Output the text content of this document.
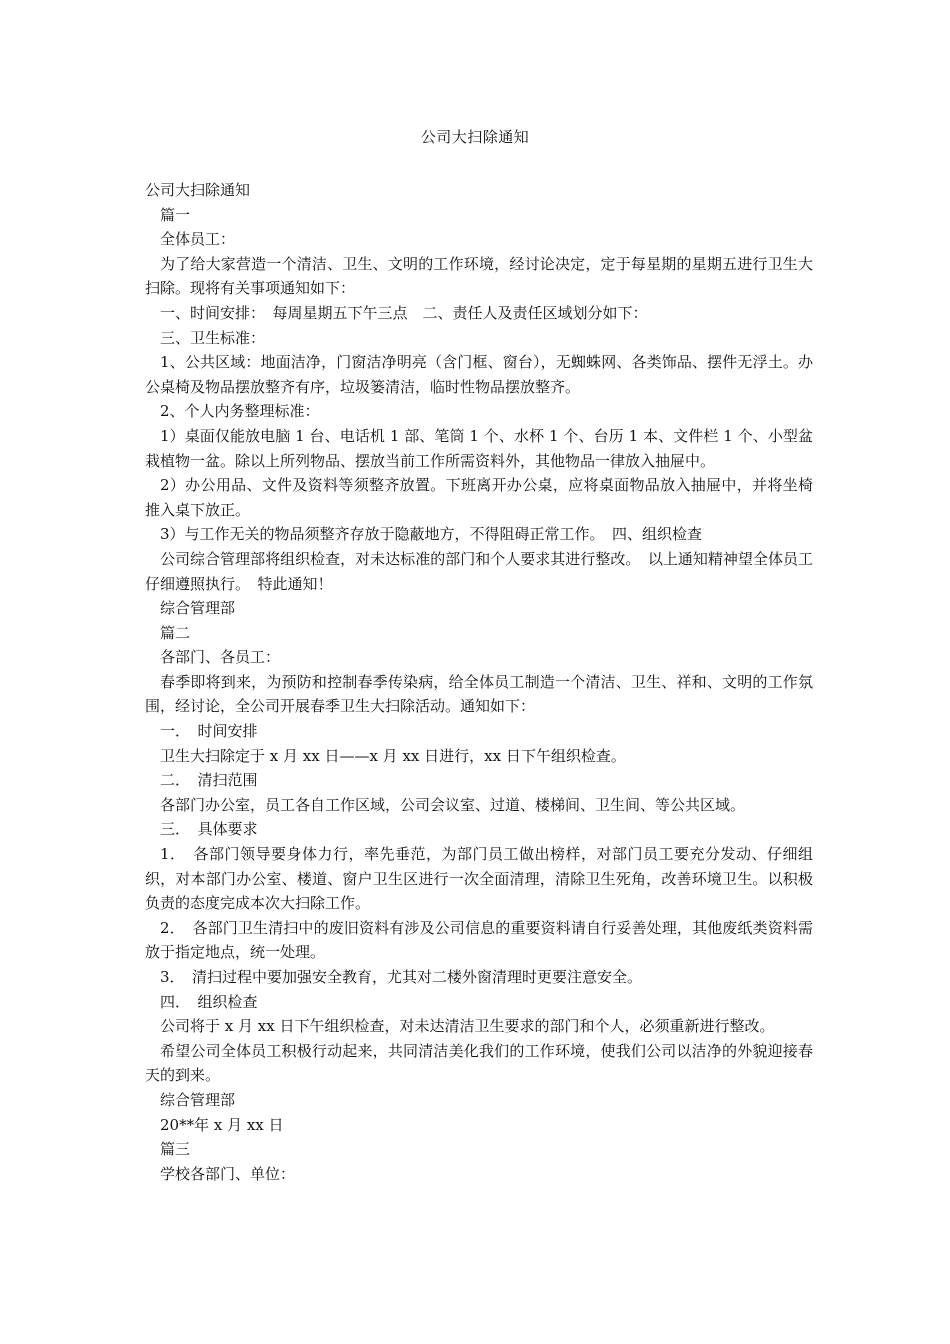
公司大扫除通知

公司大扫除通知

篇一

全体员工：

为了给大家营造一个清洁、卫生、文明的工作环境，经讨论决定，定于每星期的星期五进行卫生大扫除。现将有关事项通知如下：

一、时间安排：　每周星期五下午三点　二、责任人及责任区域划分如下：

三、卫生标准：

1、公共区域：地面洁净，门窗洁净明亮（含门框、窗台），无蜘蛛网、各类饰品、摆件无浮土。办公桌椅及物品摆放整齐有序，垃圾篓清洁，临时性物品摆放整齐。

2、个人内务整理标准：

1）桌面仅能放电脑 1 台、电话机 1 部、笔筒 1 个、水杯 1 个、台历 1 本、文件栏 1 个、小型盆栽植物一盆。除以上所列物品、摆放当前工作所需资料外，其他物品一律放入抽屉中。

2）办公用品、文件及资料等须整齐放置。下班离开办公桌，应将桌面物品放入抽屉中，并将坐椅推入桌下放正。

3）与工作无关的物品须整齐存放于隐蔽地方，不得阻碍正常工作。　四、组织检查

公司综合管理部将组织检查，对未达标准的部门和个人要求其进行整改。　以上通知精神望全体员工仔细遵照执行。　特此通知！

综合管理部

篇二

各部门、各员工：

春季即将到来，为预防和控制春季传染病，给全体员工制造一个清洁、卫生、祥和、文明的工作氛围，经讨论，全公司开展春季卫生大扫除活动。通知如下：

一．　时间安排

卫生大扫除定于 x 月 xx 日——x 月 xx 日进行，xx 日下午组织检查。

二．　清扫范围

各部门办公室，员工各自工作区域，公司会议室、过道、楼梯间、卫生间、等公共区域。

三．　具体要求

1．　各部门领导要身体力行，率先垂范，为部门员工做出榜样，对部门员工要充分发动、仔细组织，对本部门办公室、楼道、窗户卫生区进行一次全面清理，清除卫生死角，改善环境卫生。以积极负责的态度完成本次大扫除工作。

2．　各部门卫生清扫中的废旧资料有涉及公司信息的重要资料请自行妥善处理，其他废纸类资料需放于指定地点，统一处理。

3．　清扫过程中要加强安全教育，尤其对二楼外窗清理时更要注意安全。

四．　组织检查

公司将于 x 月 xx 日下午组织检查，对未达清洁卫生要求的部门和个人，必须重新进行整改。

希望公司全体员工积极行动起来，共同清洁美化我们的工作环境，使我们公司以洁净的外貌迎接春天的到来。

综合管理部

20**年 x 月 xx 日

篇三

学校各部门、单位：
